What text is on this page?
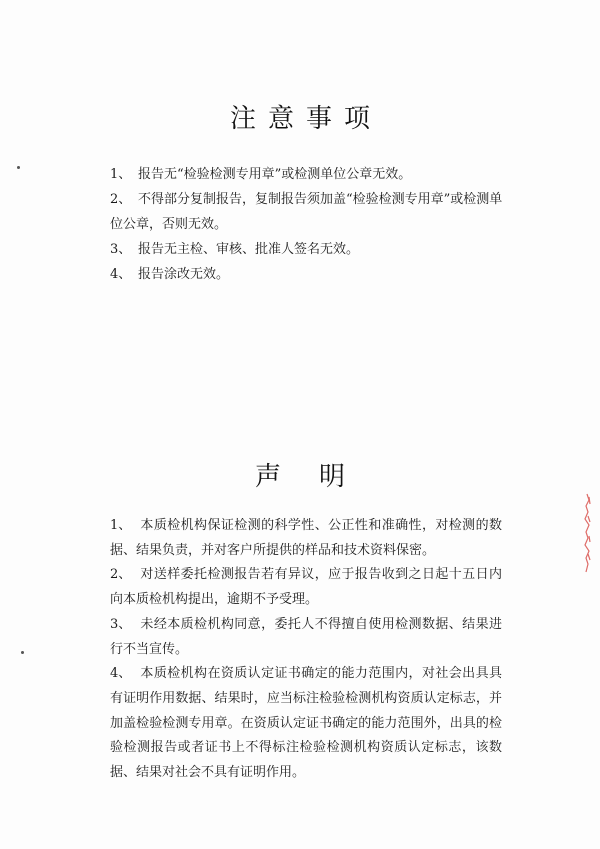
注意事项
1、 报告无“检验检测专用章”或检测单位公章无效。
2、 不得部分复制报告，复制报告须加盖“检验检测专用章”或检测单位公章，否则无效。
3、 报告无主检、审核、批准人签名无效。
4、 报告涂改无效。
声明
1、 本质检机构保证检测的科学性、公正性和准确性，对检测的数据、结果负责，并对客户所提供的样品和技术资料保密。
2、 对送样委托检测报告若有异议，应于报告收到之日起十五日内向本质检机构提出，逾期不予受理。
3、 未经本质检机构同意，委托人不得擅自使用检测数据、结果进行不当宣传。
4、 本质检机构在资质认定证书确定的能力范围内，对社会出具具有证明作用数据、结果时，应当标注检验检测机构资质认定标志，并加盖检验检测专用章。在资质认定证书确定的能力范围外，出具的检验检测报告或者证书上不得标注检验检测机构资质认定标志，该数据、结果对社会不具有证明作用。
